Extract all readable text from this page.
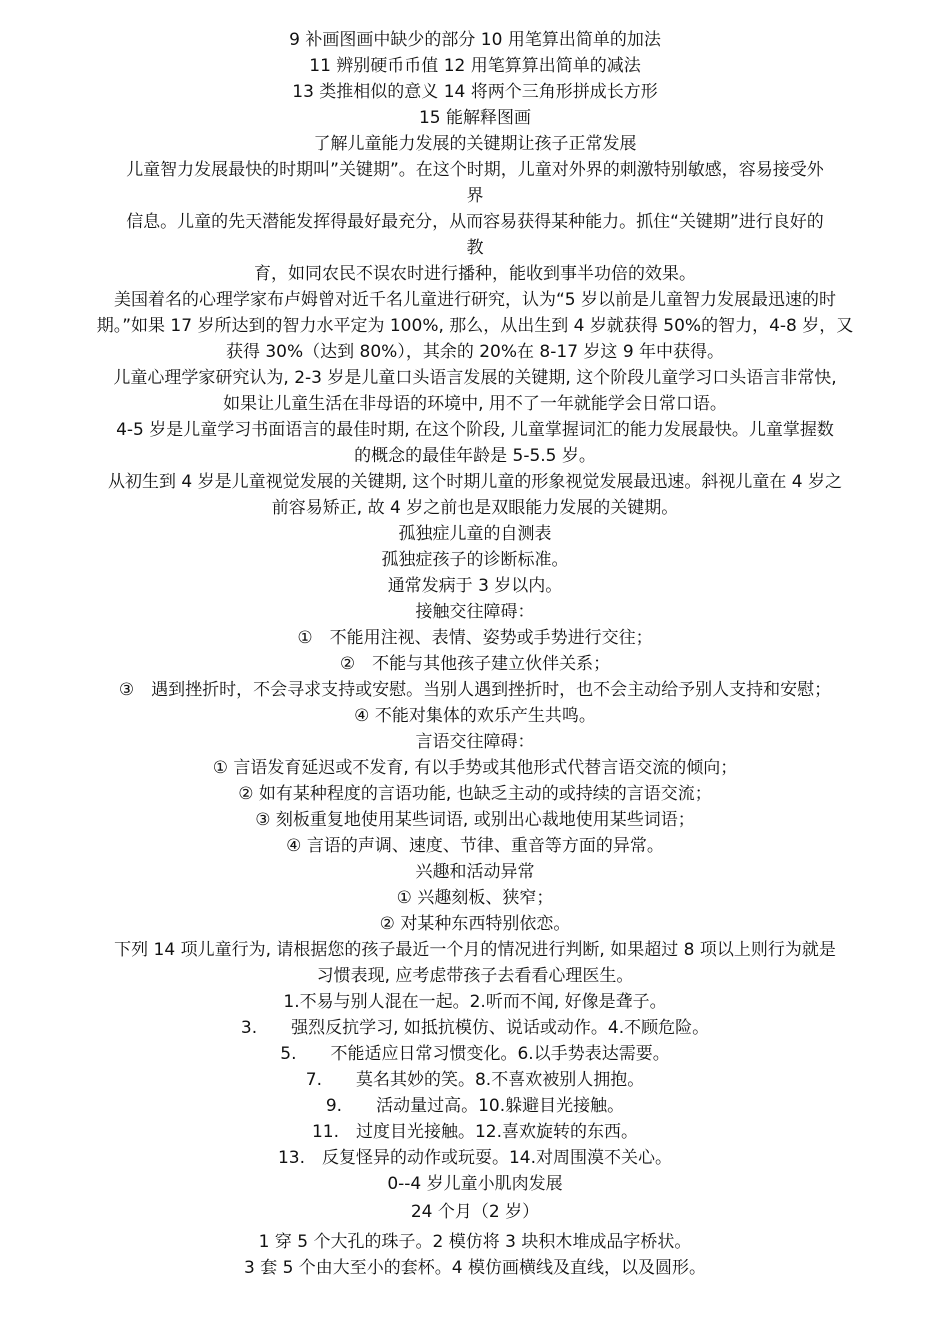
9 补画图画中缺少的部分 10 用笔算出简单的加法
11 辨别硬币币值 12 用笔算算出简单的减法
13 类推相似的意义 14 将两个三角形拼成长方形
15 能解释图画
了解儿童能力发展的关键期让孩子正常发展
儿童智力发展最快的时期叫”关键期”。在这个时期，儿童对外界的刺激特别敏感，容易接受外
界
信息。儿童的先天潜能发挥得最好最充分，从而容易获得某种能力。抓住“关键期”进行良好的
教
育，如同农民不误农时进行播种，能收到事半功倍的效果。
美国着名的心理学家布卢姆曾对近千名儿童进行研究，认为“5 岁以前是儿童智力发展最迅速的时
期。”如果 17 岁所达到的智力水平定为 100%, 那么，从出生到 4 岁就获得 50%的智力，4-8 岁，又
获得 30%（达到 80%），其余的 20%在 8-17 岁这 9 年中获得。
儿童心理学家研究认为, 2-3 岁是儿童口头语言发展的关键期, 这个阶段儿童学习口头语言非常快,
如果让儿童生活在非母语的环境中, 用不了一年就能学会日常口语。
4-5 岁是儿童学习书面语言的最佳时期, 在这个阶段, 儿童掌握词汇的能力发展最快。儿童掌握数
的概念的最佳年龄是 5-5.5 岁。
从初生到 4 岁是儿童视觉发展的关键期, 这个时期儿童的形象视觉发展最迅速。斜视儿童在 4 岁之
前容易矫正, 故 4 岁之前也是双眼能力发展的关键期。
孤独症儿童的自测表
孤独症孩子的诊断标准。
通常发病于 3 岁以内。
接触交往障碍：
①　不能用注视、表情、姿势或手势进行交往；
②　不能与其他孩子建立伙伴关系；
③　遇到挫折时，不会寻求支持或安慰。当别人遇到挫折时，也不会主动给予别人支持和安慰；
④ 不能对集体的欢乐产生共鸣。
言语交往障碍：
① 言语发育延迟或不发育, 有以手势或其他形式代替言语交流的倾向；
② 如有某种程度的言语功能, 也缺乏主动的或持续的言语交流；
③ 刻板重复地使用某些词语, 或别出心裁地使用某些词语；
④ 言语的声调、速度、节律、重音等方面的异常。
兴趣和活动异常
① 兴趣刻板、狭窄；
② 对某种东西特别依恋。
下列 14 项儿童行为, 请根据您的孩子最近一个月的情况进行判断, 如果超过 8 项以上则行为就是
习惯表现, 应考虑带孩子去看看心理医生。
1.不易与别人混在一起。2.听而不闻, 好像是聋子。
3.　　强烈反抗学习, 如抵抗模仿、说话或动作。4.不顾危险。
5.　　不能适应日常习惯变化。6.以手势表达需要。
7.　　莫名其妙的笑。8.不喜欢被别人拥抱。
9.　　活动量过高。10.躲避目光接触。
11.　过度目光接触。12.喜欢旋转的东西。
13.　反复怪异的动作或玩耍。14.对周围漠不关心。
0--4 岁儿童小肌肉发展
24 个月（2 岁）
1 穿 5 个大孔的珠子。2 模仿将 3 块积木堆成品字桥状。
3 套 5 个由大至小的套杯。4 模仿画横线及直线，以及圆形。
